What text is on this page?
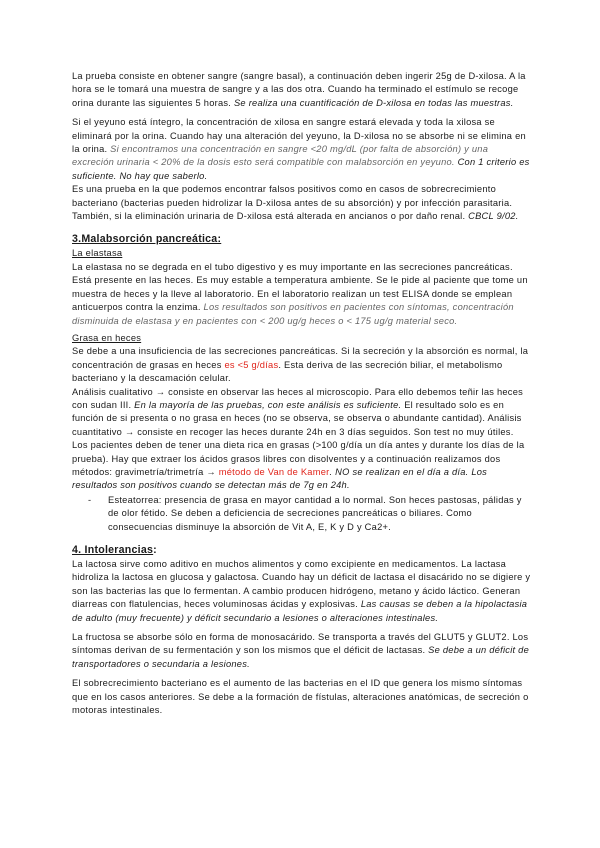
La prueba consiste en obtener sangre (sangre basal), a continuación deben ingerir 25g de D-xilosa. A la hora se le tomará una muestra de sangre y a las dos otra. Cuando ha terminado el estímulo se recoge orina durante las siguientes 5 horas. Se realiza una cuantificación de D-xilosa en todas las muestras.

Si el yeyuno está íntegro, la concentración de xilosa en sangre estará elevada y toda la xilosa se eliminará por la orina. Cuando hay una alteración del yeyuno, la D-xilosa no se absorbe ni se elimina en la orina. Si encontramos una concentración en sangre <20 mg/dL (por falta de absorción) y una excreción urinaria < 20% de la dosis esto será compatible con malabsorción en yeyuno. Con 1 criterio es suficiente. No hay que saberlo.

Es una prueba en la que podemos encontrar falsos positivos como en casos de sobrecrecimiento bacteriano (bacterias pueden hidrolizar la D-xilosa antes de su absorción) y por infección parasitaria. También, si la eliminación urinaria de D-xilosa está alterada en ancianos o por daño renal. CBCL 9/02.

3.Malabsorción pancreática:

La elastasa

La elastasa no se degrada en el tubo digestivo y es muy importante en las secreciones pancreáticas. Está presente en las heces. Es muy estable a temperatura ambiente. Se le pide al paciente que tome un muestra de heces y la lleve al laboratorio. En el laboratorio realizan un test ELISA donde se emplean anticuerpos contra la enzima. Los resultados son positivos en pacientes con síntomas, concentración disminuida de elastasa y en pacientes con < 200 ug/g heces o < 175 ug/g material seco.

Grasa en heces

Se debe a una insuficiencia de las secreciones pancreáticas. Si la secreción y la absorción es normal, la concentración de grasas en heces es <5 g/días. Esta deriva de las secreción biliar, el metabolismo bacteriano y la descamación celular.
Análisis cualitativo → consiste en observar las heces al microscopio. Para ello debemos teñir las heces con sudan III. En la mayoría de las pruebas, con este análisis es suficiente. El resultado solo es en función de si presenta o no grasa en heces (no se observa, se observa o abundante cantidad). Análisis cuantitativo → consiste en recoger las heces durante 24h en 3 días seguidos. Son test no muy útiles. Los pacientes deben de tener una dieta rica en grasas (>100 g/día un día antes y durante los días de la prueba). Hay que extraer los ácidos grasos libres con disolventes y a continuación realizamos dos métodos: gravimetría/trimetría → método de Van de Kamer. NO se realizan en el día a día. Los resultados son positivos cuando se detectan más de 7g en 24h.

-	Esteatorrea: presencia de grasa en mayor cantidad a lo normal. Son heces pastosas, pálidas y de olor fétido. Se deben a deficiencia de secreciones pancreáticas o biliares. Como consecuencias disminuye la absorción de Vit A, E, K y D y Ca2+.

4. Intolerancias:

La lactosa sirve como aditivo en muchos alimentos y como excipiente en medicamentos. La lactasa hidroliza la lactosa en glucosa y galactosa. Cuando hay un déficit de lactasa el disacárido no se digiere y son las bacterias las que lo fermentan. A cambio producen hidrógeno, metano y ácido láctico. Generan diarreas con flatulencias, heces voluminosas ácidas y explosivas. Las causas se deben a la hipolactasia de adulto (muy frecuente) y déficit secundario a lesiones o alteraciones intestinales.

La fructosa se absorbe sólo en forma de monosacárido. Se transporta a través del GLUT5 y GLUT2. Los síntomas derivan de su fermentación y son los mismos que el déficit de lactasas. Se debe a un déficit de transportadores o secundaria a lesiones.

El sobrecrecimiento bacteriano es el aumento de las bacterias en el ID que genera los mismo síntomas que en los casos anteriores. Se debe a la formación de fístulas, alteraciones anatómicas, de secreción o motoras intestinales.
